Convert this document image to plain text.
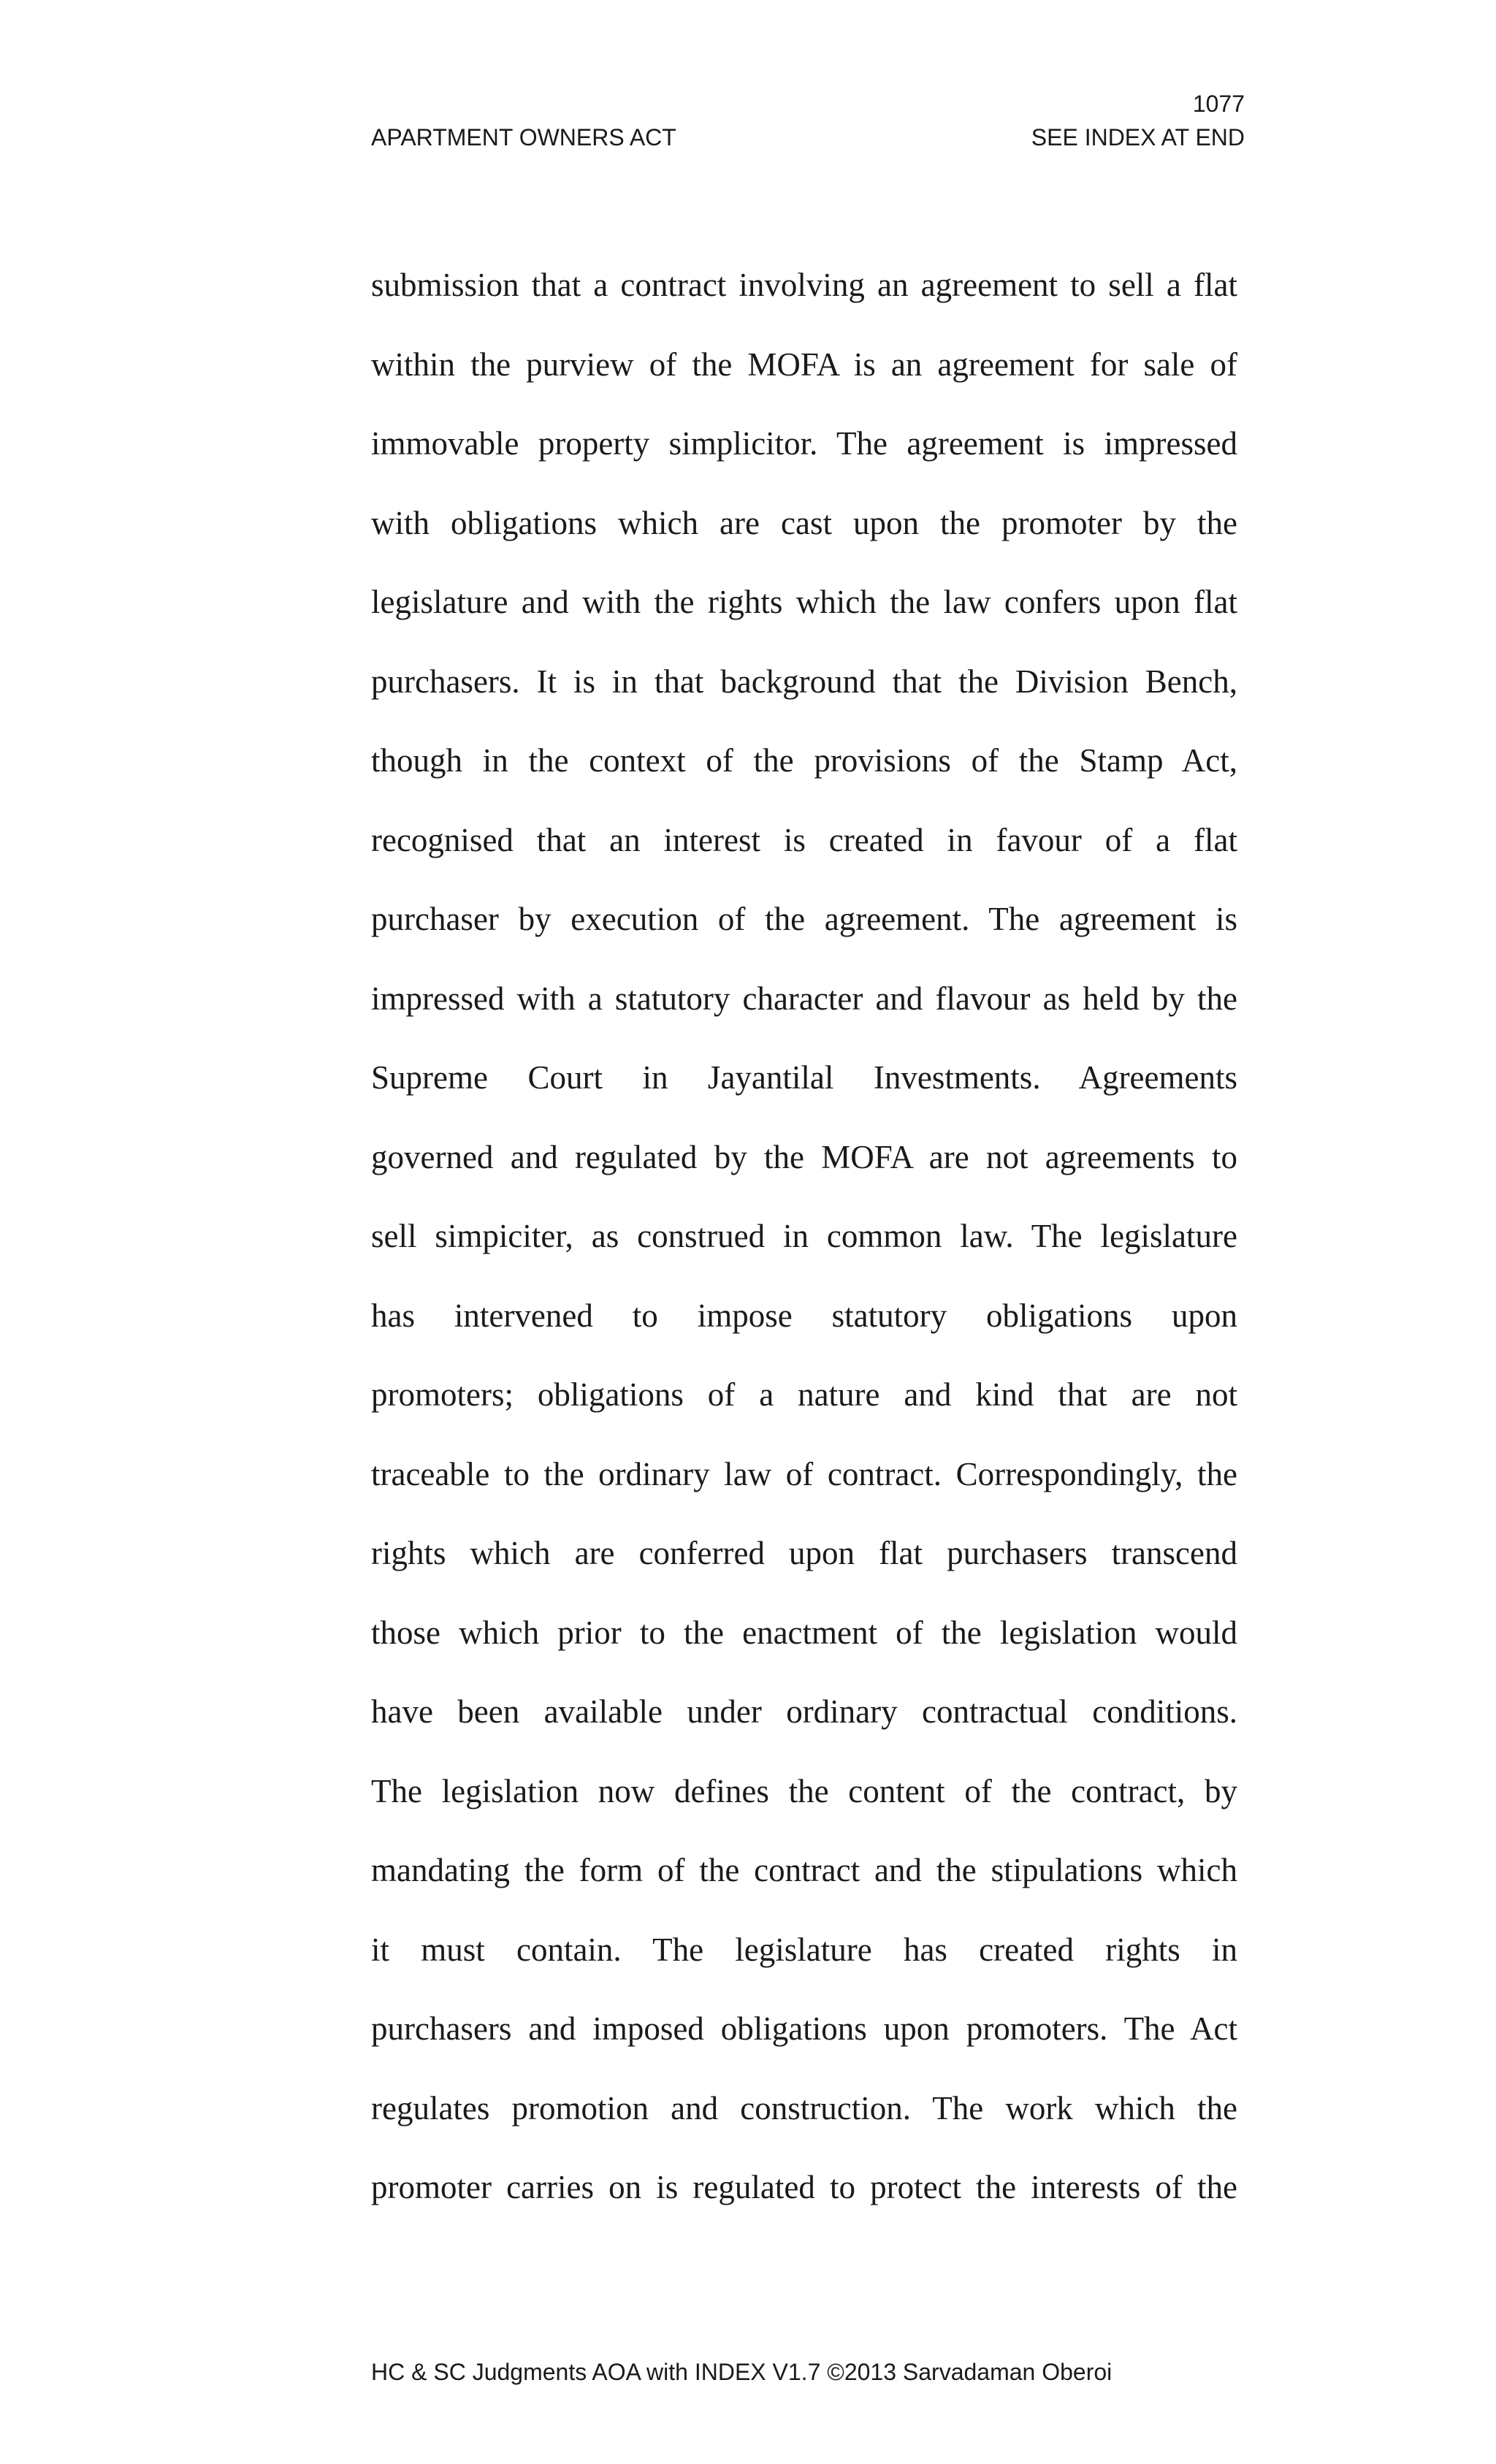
1077
APARTMENT OWNERS ACT	SEE INDEX AT END
submission that a contract involving an agreement to sell a flat
within the purview of the MOFA is an agreement for sale of
immovable property simplicitor. The agreement is impressed
with obligations which are cast upon the promoter by the
legislature and with the rights which the law confers upon flat
purchasers. It is in that background that the Division Bench,
though in the context of the provisions of the Stamp Act,
recognised that an interest is created in favour of a flat
purchaser by execution of the agreement. The agreement is
impressed with a statutory character and flavour as held by the
Supreme Court in Jayantilal Investments. Agreements
governed and regulated by the MOFA are not agreements to
sell simpiciter, as construed in common law. The legislature
has intervened to impose statutory obligations upon
promoters; obligations of a nature and kind that are not
traceable to the ordinary law of contract. Correspondingly, the
rights which are conferred upon flat purchasers transcend
those which prior to the enactment of the legislation would
have been available under ordinary contractual conditions.
The legislation now defines the content of the contract, by
mandating the form of the contract and the stipulations which
it must contain. The legislature has created rights in
purchasers and imposed obligations upon promoters. The Act
regulates promotion and construction. The work which the
promoter carries on is regulated to protect the interests of the
HC & SC Judgments AOA with INDEX V1.7 ©2013 Sarvadaman Oberoi
